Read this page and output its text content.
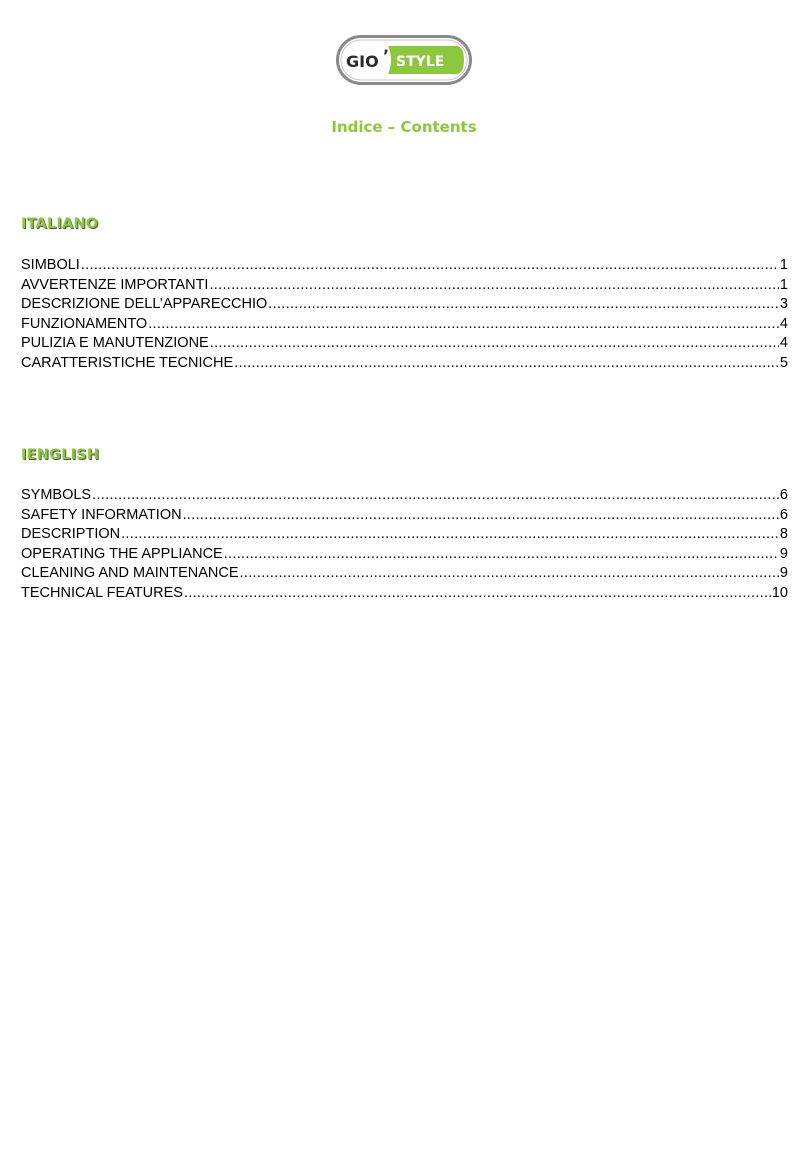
GIO ’ STYLE
Indice – Contents
ITALIANO
SIMBOLI .....	1
AVVERTENZE IMPORTANTI .....	1
DESCRIZIONE DELL’APPARECCHIO .....	3
FUNZIONAMENTO .....	4
PULIZIA E MANUTENZIONE .....	4
CARATTERISTICHE TECNICHE .....	5
IENGLISH
SYMBOLS .....	6
SAFETY INFORMATION .....	6
DESCRIPTION .....	8
OPERATING THE APPLIANCE .....	9
CLEANING AND MAINTENANCE .....	9
TECHNICAL FEATURES .....	10
